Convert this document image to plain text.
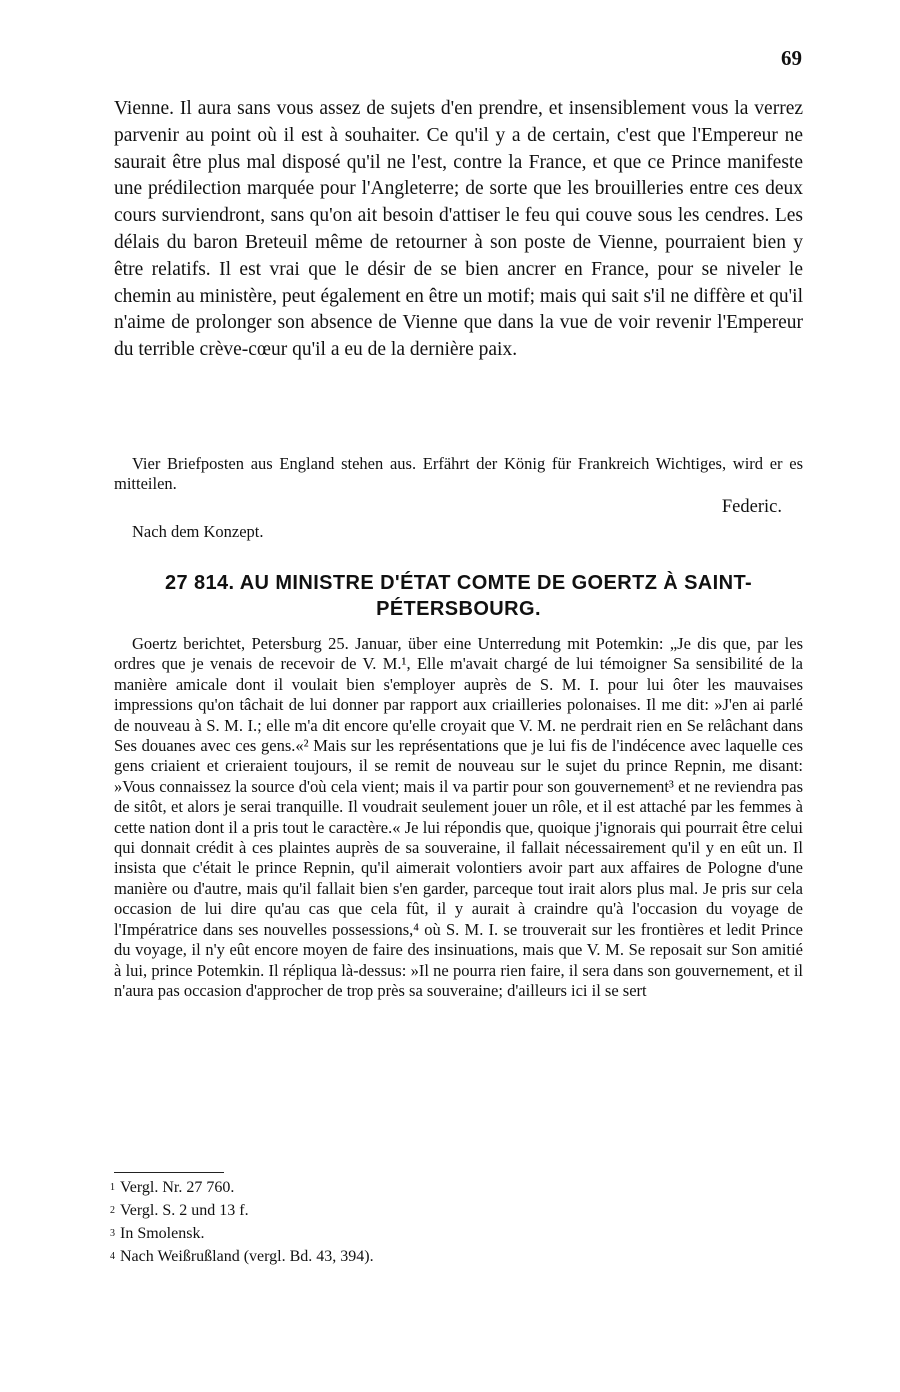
69

Vienne. Il aura sans vous assez de sujets d'en prendre, et insensiblement vous la verrez parvenir au point où il est à souhaiter. Ce qu'il y a de certain, c'est que l'Empereur ne saurait être plus mal disposé qu'il ne l'est, contre la France, et que ce Prince manifeste une prédilection marquée pour l'Angleterre; de sorte que les brouilleries entre ces deux cours surviendront, sans qu'on ait besoin d'attiser le feu qui couve sous les cendres. Les délais du baron Breteuil même de retourner à son poste de Vienne, pourraient bien y être relatifs. Il est vrai que le désir de se bien ancrer en France, pour se niveler le chemin au ministère, peut également en être un motif; mais qui sait s'il ne diffère et qu'il n'aime de prolonger son absence de Vienne que dans la vue de voir revenir l'Empereur du terrible crève-cœur qu'il a eu de la dernière paix.

Vier Briefposten aus England stehen aus. Erfährt der König für Frankreich Wichtiges, wird er es mitteilen.

Federic.

Nach dem Konzept.

27 814. AU MINISTRE D'ÉTAT COMTE DE GOERTZ À SAINT-PÉTERSBOURG.

Goertz berichtet, Petersburg 25. Januar, über eine Unterredung mit Potemkin: „Je dis que, par les ordres que je venais de recevoir de V. M.¹, Elle m'avait chargé de lui témoigner Sa sensibilité de la manière amicale dont il voulait bien s'employer auprès de S. M. I. pour lui ôter les mauvaises impressions qu'on tâchait de lui donner par rapport aux criailleries polonaises. Il me dit: »J'en ai parlé de nouveau à S. M. I.; elle m'a dit encore qu'elle croyait que V. M. ne perdrait rien en Se relâchant dans Ses douanes avec ces gens.«² Mais sur les représentations que je lui fis de l'indécence avec laquelle ces gens criaient et crieraient toujours, il se remit de nouveau sur le sujet du prince Repnin, me disant: »Vous connaissez la source d'où cela vient; mais il va partir pour son gouvernement³ et ne reviendra pas de sitôt, et alors je serai tranquille. Il voudrait seulement jouer un rôle, et il est attaché par les femmes à cette nation dont il a pris tout le caractère.« Je lui répondis que, quoique j'ignorais qui pourrait être celui qui donnait crédit à ces plaintes auprès de sa souveraine, il fallait nécessairement qu'il y en eût un. Il insista que c'était le prince Repnin, qu'il aimerait volontiers avoir part aux affaires de Pologne d'une manière ou d'autre, mais qu'il fallait bien s'en garder, parceque tout irait alors plus mal. Je pris sur cela occasion de lui dire qu'au cas que cela fût, il y aurait à craindre qu'à l'occasion du voyage de l'Impératrice dans ses nouvelles possessions,⁴ où S. M. I. se trouverait sur les frontières et ledit Prince du voyage, il n'y eût encore moyen de faire des insinuations, mais que V. M. Se reposait sur Son amitié à lui, prince Potemkin. Il répliqua là-dessus: »Il ne pourra rien faire, il sera dans son gouvernement, et il n'aura pas occasion d'approcher de trop près sa souveraine; d'ailleurs ici il se sert

$^1$ Vergl. Nr. 27 760.
$^2$ Vergl. S. 2 und 13 f.
$^3$ In Smolensk.
$^4$ Nach Weißrußland (vergl. Bd. 43, 394).
